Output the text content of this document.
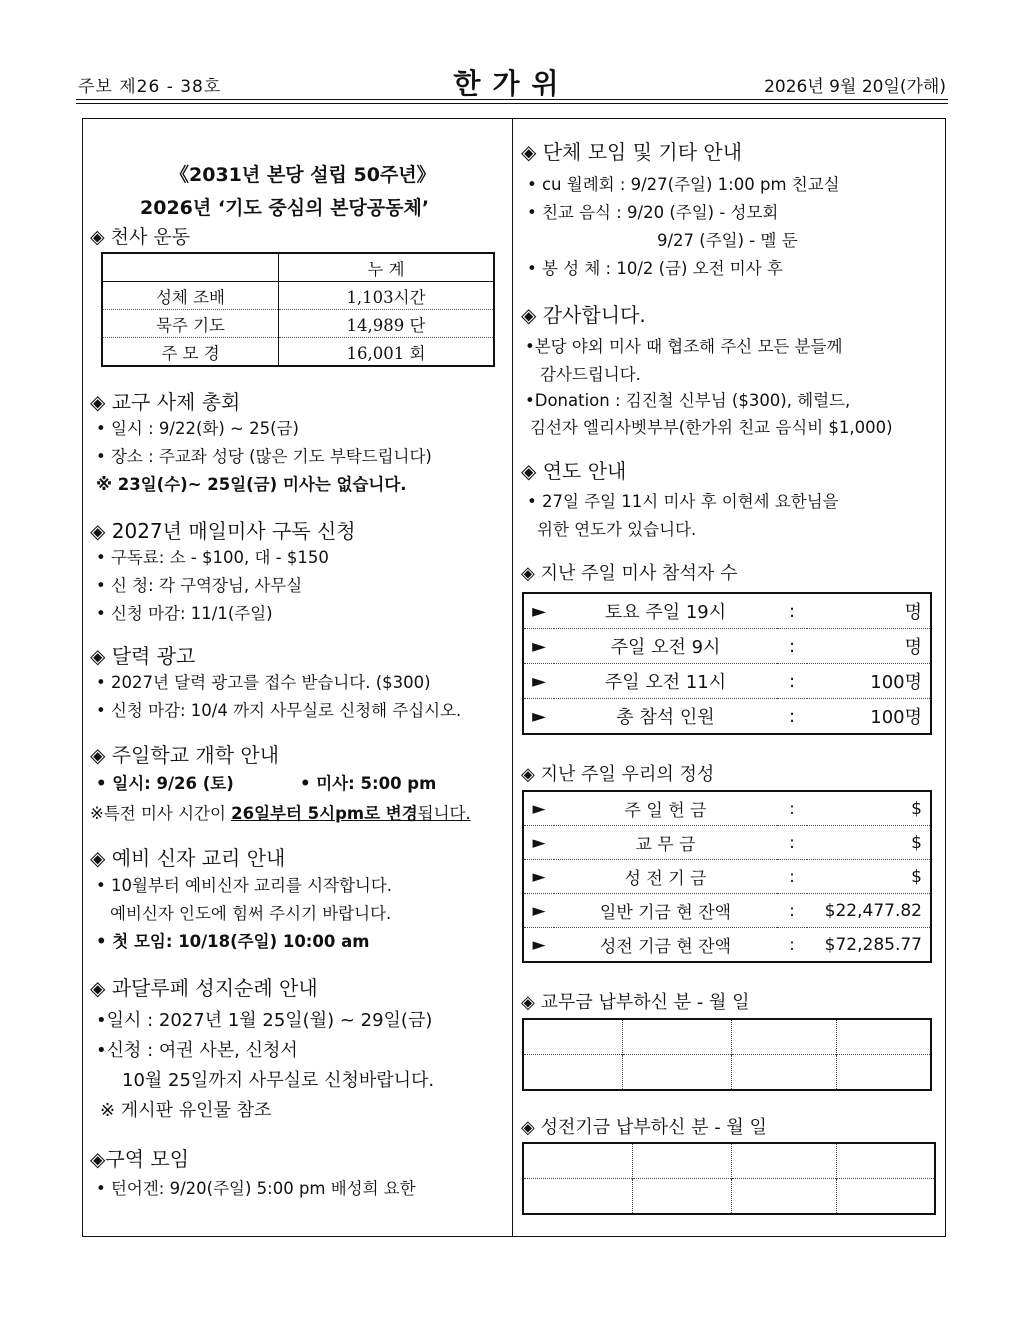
주보 제26 - 38호	한가위	2026년 9월 20일(가해)
《2031년 본당 설립 50주년》
2026년 ‘기도 중심의 본당공동체’
◈ 천사 운동
	누 계
성체 조배	1,103시간
묵주 기도	14,989 단
주 모 경	16,001 회
◈ 교구 사제 총회
• 일시 : 9/22(화) ~ 25(금)
• 장소 : 주교좌 성당 (많은 기도 부탁드립니다)
※ 23일(수)~ 25일(금) 미사는 없습니다.
◈ 2027년 매일미사 구독 신청
• 구독료: 소 - $100, 대 - $150
• 신 청: 각 구역장님, 사무실
• 신청 마감: 11/1(주일)
◈ 달력 광고
• 2027년 달력 광고를 접수 받습니다. ($300)
• 신청 마감: 10/4 까지 사무실로 신청해 주십시오.
◈ 주일학교 개학 안내
• 일시: 9/26 (토)	• 미사: 5:00 pm
※특전 미사 시간이 26일부터 5시pm로 변경됩니다.
◈ 예비 신자 교리 안내
• 10월부터 예비신자 교리를 시작합니다.
예비신자 인도에 힘써 주시기 바랍니다.
• 첫 모임: 10/18(주일) 10:00 am
◈ 과달루페 성지순례 안내
•일시 : 2027년 1월 25일(월) ~ 29일(금)
•신청 : 여권 사본, 신청서
10월 25일까지 사무실로 신청바랍니다.
※ 게시판 유인물 참조
◈구역 모임
• 턴어겐: 9/20(주일) 5:00 pm 배성희 요한
◈ 단체 모임 및 기타 안내
• cu 월례회 : 9/27(주일) 1:00 pm 친교실
• 친교 음식 : 9/20 (주일) - 성모회
9/27 (주일) - 멜 둔
• 봉 성 체 : 10/2 (금) 오전 미사 후
◈ 감사합니다.
•본당 야외 미사 때 협조해 주신 모든 분들께
감사드립니다.
•Donation : 김진철 신부님 ($300), 헤럴드,
김선자 엘리사벳부부(한가위 친교 음식비 $1,000)
◈ 연도 안내
• 27일 주일 11시 미사 후 이현세 요한님을
위한 연도가 있습니다.
◈ 지난 주일 미사 참석자 수
►	토요 주일 19시	:	명
►	주일 오전 9시	:	명
►	주일 오전 11시	:	100명
►	총 참석 인원	:	100명
◈ 지난 주일 우리의 정성
►	주 일 헌 금	:	$
►	교 무 금	:	$
►	성 전 기 금	:	$
►	일반 기금 현 잔액	:	$22,477.82
►	성전 기금 현 잔액	:	$72,285.77
◈ 교무금 납부하신 분 - 월 일

◈ 성전기금 납부하신 분 - 월 일
